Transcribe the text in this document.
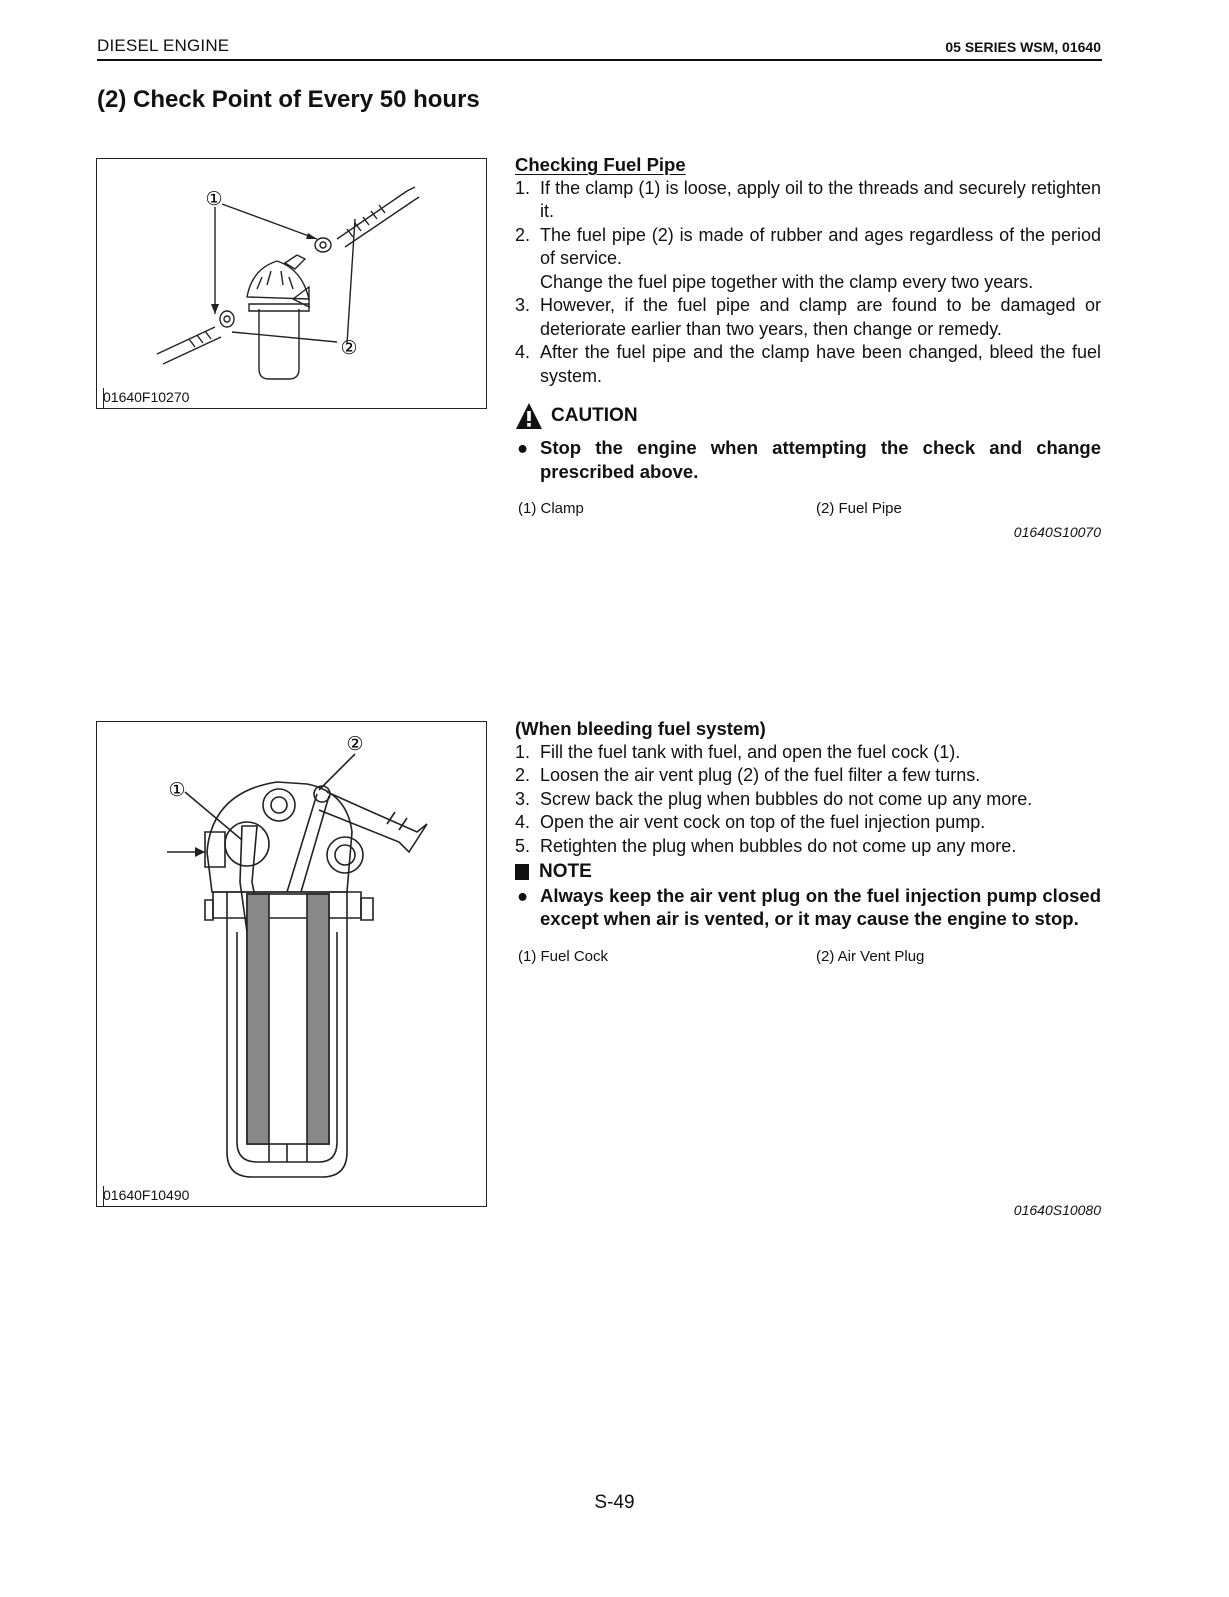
DIESEL ENGINE	05 SERIES WSM, 01640
(2) Check Point of Every 50 hours
①
②
01640F10270
Checking Fuel Pipe
1. If the clamp (1) is loose, apply oil to the threads and securely retighten it.
2. The fuel pipe (2) is made of rubber and ages regardless of the period of service.
Change the fuel pipe together with the clamp every two years.
3. However, if the fuel pipe and clamp are found to be damaged or deteriorate earlier than two years, then change or remedy.
4. After the fuel pipe and the clamp have been changed, bleed the fuel system.
CAUTION
● Stop the engine when attempting the check and change prescribed above.
(1) Clamp	(2) Fuel Pipe
01640S10070
①
②
01640F10490
(When bleeding fuel system)
1. Fill the fuel tank with fuel, and open the fuel cock (1).
2. Loosen the air vent plug (2) of the fuel filter a few turns.
3. Screw back the plug when bubbles do not come up any more.
4. Open the air vent cock on top of the fuel injection pump.
5. Retighten the plug when bubbles do not come up any more.
NOTE
● Always keep the air vent plug on the fuel injection pump closed except when air is vented, or it may cause the engine to stop.
(1) Fuel Cock	(2) Air Vent Plug
01640S10080
S-49
